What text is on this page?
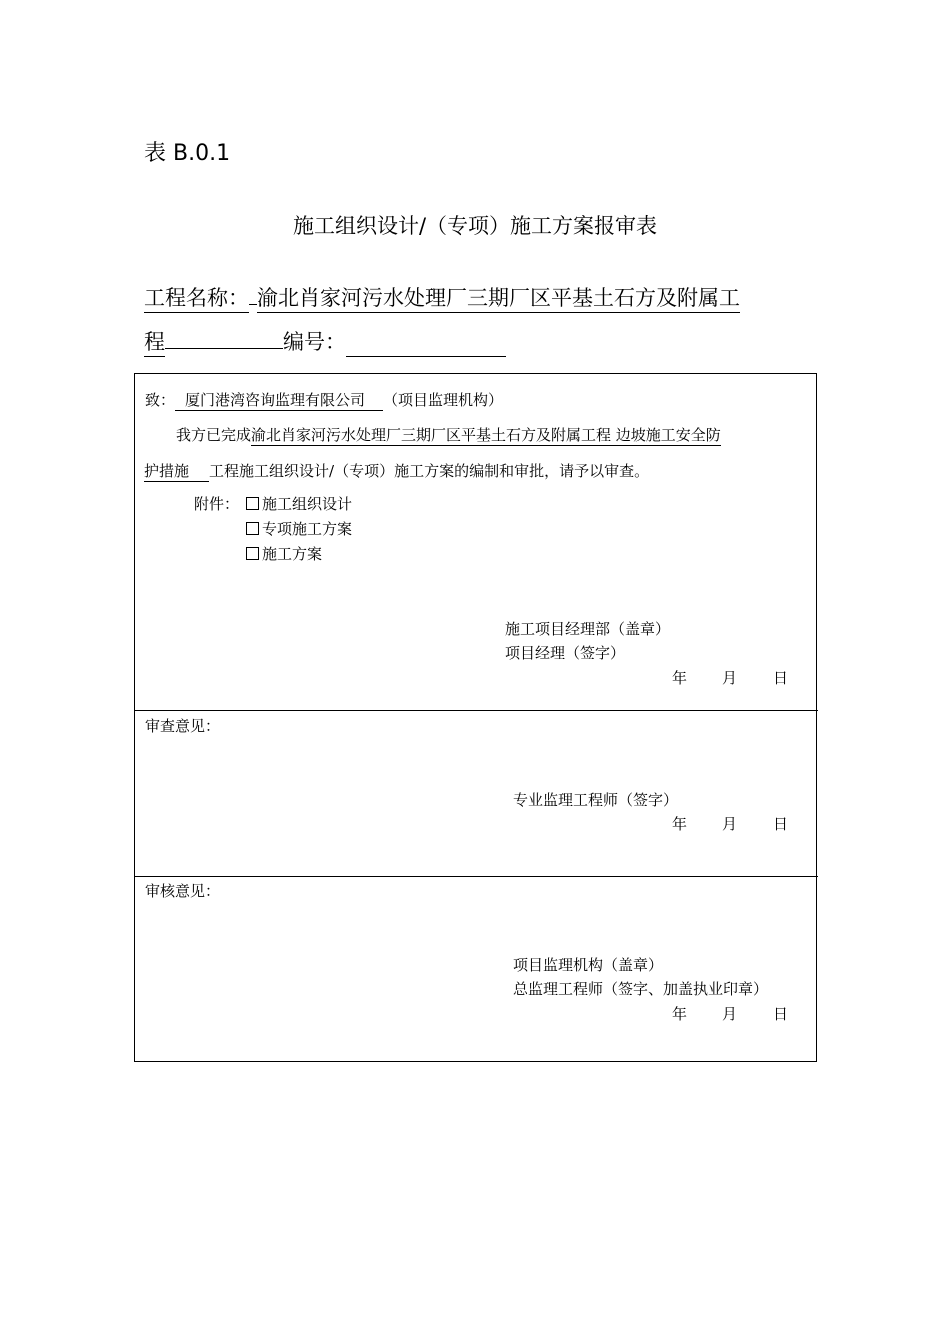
表 B.0.1
施工组织设计/（专项）施工方案报审表
工程名称： 渝北肖家河污水处理厂三期厂区平基土石方及附属工
程	编号：
致： 厦门港湾咨询监理有限公司 （项目监理机构）
我方已完成渝北肖家河污水处理厂三期厂区平基土石方及附属工程 边坡施工安全防
护措施 工程施工组织设计/（专项）施工方案的编制和审批，请予以审查。
附件：	施工组织设计
专项施工方案
施工方案
施工项目经理部（盖章）
项目经理（签字）
年 月 日
审查意见：
专业监理工程师（签字）
年 月 日
审核意见：
项目监理机构（盖章）
总监理工程师（签字、加盖执业印章）
年 月 日
